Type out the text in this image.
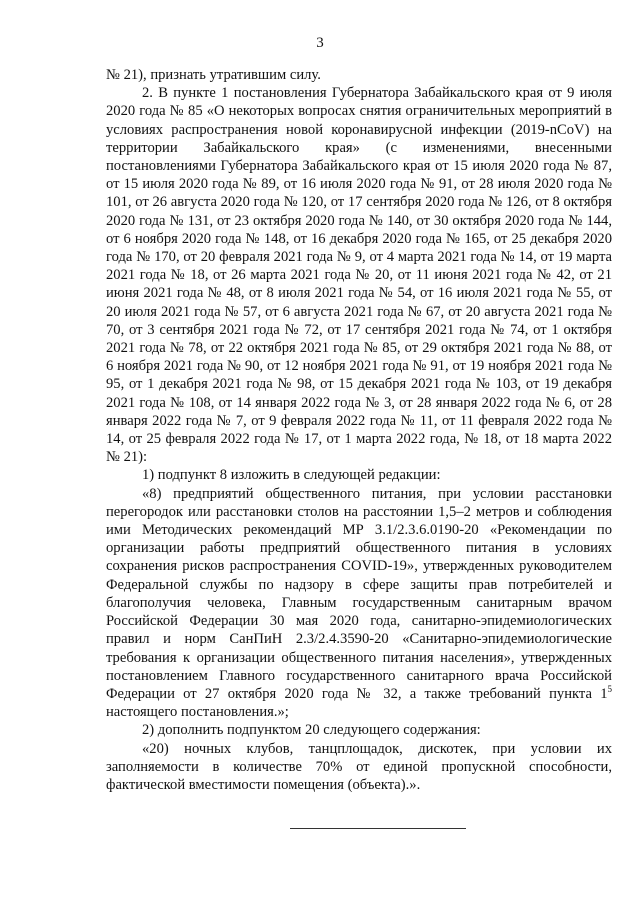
3

№ 21), признать утратившим силу.

2. В пункте 1 постановления Губернатора Забайкальского края от 9 июля 2020 года № 85 «О некоторых вопросах снятия ограничительных мероприятий в условиях распространения новой коронавирусной инфекции (2019-nCoV) на территории Забайкальского края» (с изменениями, внесенными постановлениями Губернатора Забайкальского края от 15 июля 2020 года № 87, от 15 июля 2020 года № 89, от 16 июля 2020 года № 91, от 28 июля 2020 года № 101, от 26 августа 2020 года № 120, от 17 сентября 2020 года № 126, от 8 октября 2020 года № 131, от 23 октября 2020 года № 140, от 30 октября 2020 года № 144, от 6 ноября 2020 года № 148, от 16 декабря 2020 года № 165, от 25 декабря 2020 года № 170, от 20 февраля 2021 года № 9, от 4 марта 2021 года № 14, от 19 марта 2021 года № 18, от 26 марта 2021 года № 20, от 11 июня 2021 года № 42, от 21 июня 2021 года № 48, от 8 июля 2021 года № 54, от 16 июля 2021 года № 55, от 20 июля 2021 года № 57, от 6 августа 2021 года № 67, от 20 августа 2021 года № 70, от 3 сентября 2021 года № 72, от 17 сентября 2021 года № 74, от 1 октября 2021 года № 78, от 22 октября 2021 года № 85, от 29 октября 2021 года № 88, от 6 ноября 2021 года № 90, от 12 ноября 2021 года № 91, от 19 ноября 2021 года № 95, от 1 декабря 2021 года № 98, от 15 декабря 2021 года № 103, от 19 декабря 2021 года № 108, от 14 января 2022 года № 3, от 28 января 2022 года № 6, от 28 января 2022 года № 7, от 9 февраля 2022 года № 11, от 11 февраля 2022 года № 14, от 25 февраля 2022 года № 17, от 1 марта 2022 года, № 18, от 18 марта 2022 № 21):

1) подпункт 8 изложить в следующей редакции:

«8) предприятий общественного питания, при условии расстановки перегородок или расстановки столов на расстоянии 1,5–2 метров и соблюдения ими Методических рекомендаций МР 3.1/2.3.6.0190-20 «Рекомендации по организации работы предприятий общественного питания в условиях сохранения рисков распространения COVID-19», утвержденных руководителем Федеральной службы по надзору в сфере защиты прав потребителей и благополучия человека, Главным государственным санитарным врачом Российской Федерации 30 мая 2020 года, санитарно-эпидемиологических правил и норм СанПиН 2.3/2.4.3590-20 «Санитарно-эпидемиологические требования к организации общественного питания населения», утвержденных постановлением Главного государственного санитарного врача Российской Федерации от 27 октября 2020 года № 32, а также требований пункта $1^5$ настоящего постановления.»;

2) дополнить подпунктом 20 следующего содержания:

«20) ночных клубов, танцплощадок, дискотек, при условии их заполняемости в количестве 70% от единой пропускной способности, фактической вместимости помещения (объекта).».
